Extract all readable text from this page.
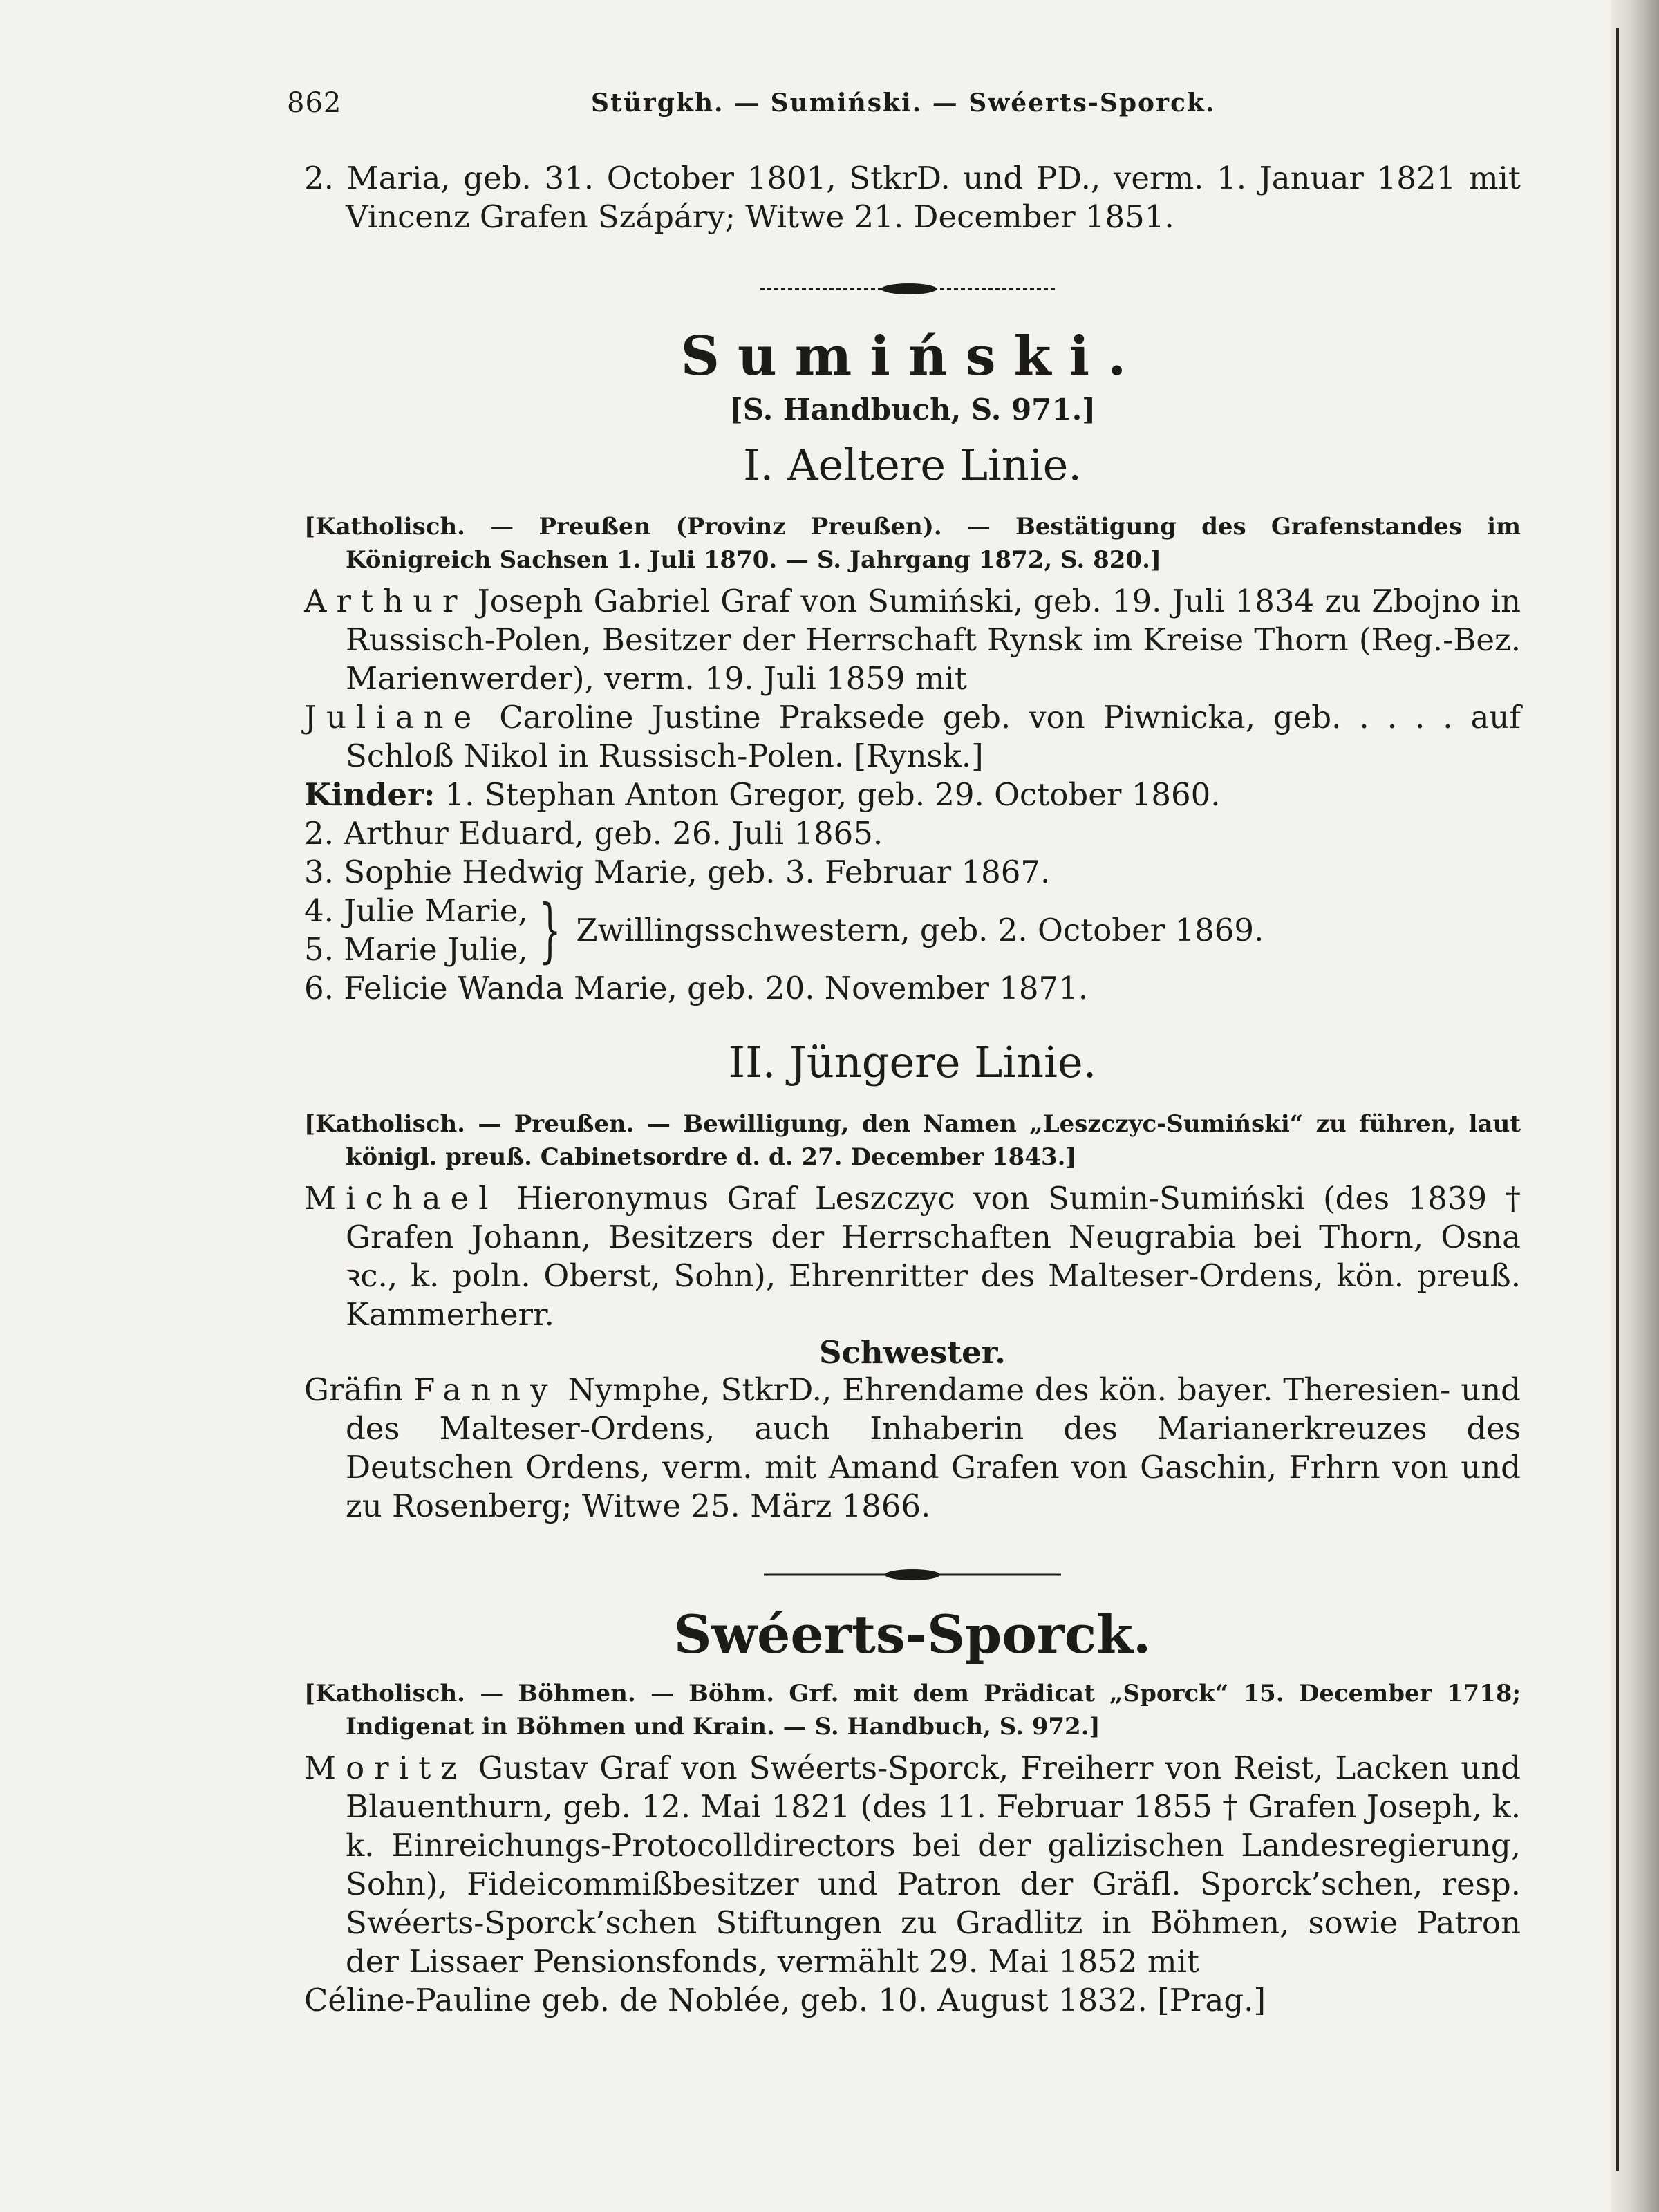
862	Stürgkh. — Sumiński. — Swéerts-Sporck.

2. Maria, geb. 31. October 1801, StkrD. und PD., verm. 1. Januar 1821 mit Vincenz Grafen Szápáry; Witwe 21. December 1851.

Sumiński.
[S. Handbuch, S. 971.]
I. Aeltere Linie.

[Katholisch. — Preußen (Provinz Preußen). — Bestätigung des Grafenstandes im Königreich Sachsen 1. Juli 1870. — S. Jahrgang 1872, S. 820.]

Arthur Joseph Gabriel Graf von Sumiński, geb. 19. Juli 1834 zu Zbojno in Russisch-Polen, Besitzer der Herrschaft Rynsk im Kreise Thorn (Reg.-Bez. Marienwerder), verm. 19. Juli 1859 mit

Juliane Caroline Justine Praksede geb. von Piwnicka, geb. . . . . auf Schloß Nikol in Russisch-Polen. [Rynsk.]

Kinder: 1. Stephan Anton Gregor, geb. 29. October 1860.
2. Arthur Eduard, geb. 26. Juli 1865.
3. Sophie Hedwig Marie, geb. 3. Februar 1867.
4. Julie Marie,
5. Marie Julie, } Zwillingsschwestern, geb. 2. October 1869.
6. Felicie Wanda Marie, geb. 20. November 1871.
II. Jüngere Linie.

[Katholisch. — Preußen. — Bewilligung, den Namen „Leszczyc-Sumiński“ zu führen, laut königl. preuß. Cabinetsordre d. d. 27. December 1843.]

Michael Hieronymus Graf Leszczyc von Sumin-Sumiński (des 1839 † Grafen Johann, Besitzers der Herrschaften Neugrabia bei Thorn, Osna ꝛc., k. poln. Oberst, Sohn), Ehrenritter des Malteser-Ordens, kön. preuß. Kammerherr.

Schwester.

Gräfin Fanny Nymphe, StkrD., Ehrendame des kön. bayer. Theresien- und des Malteser-Ordens, auch Inhaberin des Marianerkreuzes des Deutschen Ordens, verm. mit Amand Grafen von Gaschin, Frhrn von und zu Rosenberg; Witwe 25. März 1866.

Swéerts-Sporck.

[Katholisch. — Böhmen. — Böhm. Grf. mit dem Prädicat „Sporck“ 15. December 1718; Indigenat in Böhmen und Krain. — S. Handbuch, S. 972.]

Moritz Gustav Graf von Swéerts-Sporck, Freiherr von Reist, Lacken und Blauenthurn, geb. 12. Mai 1821 (des 11. Februar 1855 † Grafen Joseph, k. k. Einreichungs-Protocolldirectors bei der galizischen Landesregierung, Sohn), Fideicommißbesitzer und Patron der Gräfl. Sporck’schen, resp. Swéerts-Sporck’schen Stiftungen zu Gradlitz in Böhmen, sowie Patron der Lissaer Pensionsfonds, vermählt 29. Mai 1852 mit

Céline-Pauline geb. de Noblée, geb. 10. August 1832. [Prag.]
